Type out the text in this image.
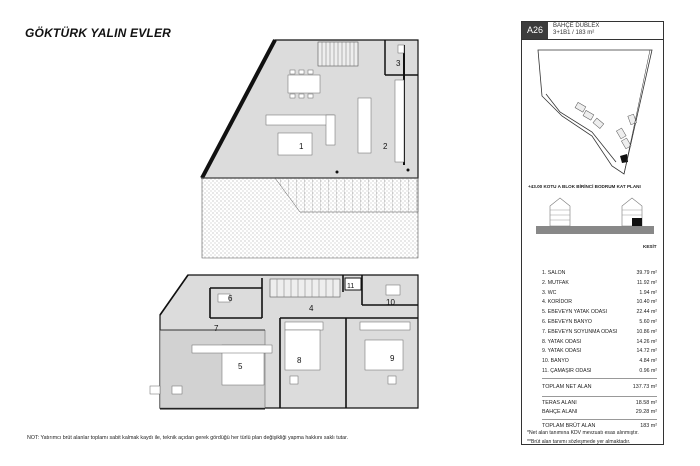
GÖKTÜRK YALIN EVLER
1	2
3
6
7
4
5
8	9
10
11
A26	BAHÇE DUBLEX
3+1B1 / 183 m²
+43.00 KOTU A BLOK BİRİNCİ BODRUM KAT PLANI
KESİT
1. SALON	39.79 m²
2. MUTFAK	11.92 m²
3. WC	1.94 m²
4. KORİDOR	10.40 m²
5. EBEVEYN YATAK ODASI	22.44 m²
6. EBEVEYN BANYO	5.60 m²
7. EBEVEYN SOYUNMA ODASI	10.86 m²
8. YATAK ODASI	14.26 m²
9. YATAK ODASI	14.72 m²
10. BANYO	4.84 m²
11. ÇAMAŞIR ODASI	0.96 m²
TOPLAM NET ALAN	137.73 m²
TERAS ALANI	18.58 m²
BAHÇE ALANI	29.28 m²
TOPLAM BRÜT ALAN	183 m²
*Net alan tanımına KDV mevzuatı esas alınmıştır.
**Brüt alan tanımı sözleşmede yer almaktadır.
NOT: Yatırımcı brüt alanlar toplamı sabit kalmak kaydı ile, teknik açıdan gerek gördüğü her türlü plan değişikliği yapma hakkını saklı tutar.
